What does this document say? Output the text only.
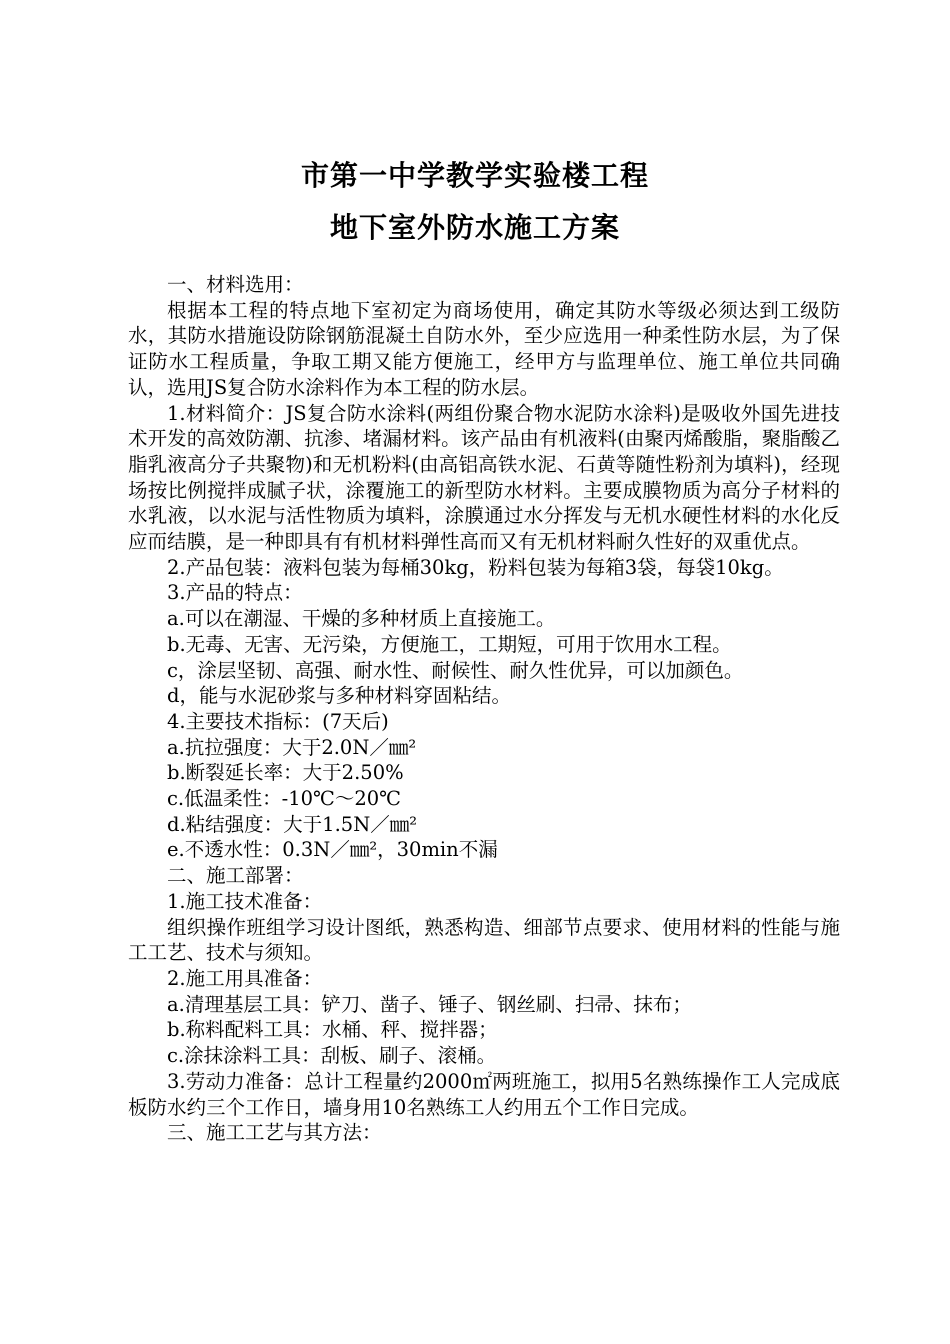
市第一中学教学实验楼工程
地下室外防水施工方案

一、材料选用：

根据本工程的特点地下室初定为商场使用，确定其防水等级必须达到工级防水，其防水措施设防除钢筋混凝土自防水外，至少应选用一种柔性防水层，为了保证防水工程质量，争取工期又能方便施工，经甲方与监理单位、施工单位共同确认，选用JS复合防水涂料作为本工程的防水层。

1.材料简介：JS复合防水涂料(两组份聚合物水泥防水涂料)是吸收外国先进技术开发的高效防潮、抗渗、堵漏材料。该产品由有机液料(由聚丙烯酸脂，聚脂酸乙脂乳液高分子共聚物)和无机粉料(由高铝高铁水泥、石黄等随性粉剂为填料)，经现场按比例搅拌成腻子状，涂覆施工的新型防水材料。主要成膜物质为高分子材料的水乳液，以水泥与活性物质为填料，涂膜通过水分挥发与无机水硬性材料的水化反应而结膜，是一种即具有有机材料弹性高而又有无机材料耐久性好的双重优点。

2.产品包装：液料包装为每桶30kg，粉料包装为每箱3袋，每袋10kg。

3.产品的特点：

a.可以在潮湿、干燥的多种材质上直接施工。

b.无毒、无害、无污染，方便施工，工期短，可用于饮用水工程。

c，涂层坚韧、高强、耐水性、耐候性、耐久性优异，可以加颜色。

d，能与水泥砂浆与多种材料穿固粘结。

4.主要技术指标：(7天后)

a.抗拉强度：大于2.0N／㎜²

b.断裂延长率：大于2.50%

c.低温柔性：-10℃～20℃

d.粘结强度：大于1.5N／㎜²

e.不透水性：0.3N／㎜²，30min不漏

二、施工部署：

1.施工技术准备：

组织操作班组学习设计图纸，熟悉构造、细部节点要求、使用材料的性能与施工工艺、技术与须知。

2.施工用具准备：

a.清理基层工具：铲刀、凿子、锤子、钢丝刷、扫帚、抹布；

b.称料配料工具：水桶、秤、搅拌器；

c.涂抹涂料工具：刮板、刷子、滚桶。

3.劳动力准备：总计工程量约2000㎡两班施工，拟用5名熟练操作工人完成底板防水约三个工作日，墙身用10名熟练工人约用五个工作日完成。

三、施工工艺与其方法：
